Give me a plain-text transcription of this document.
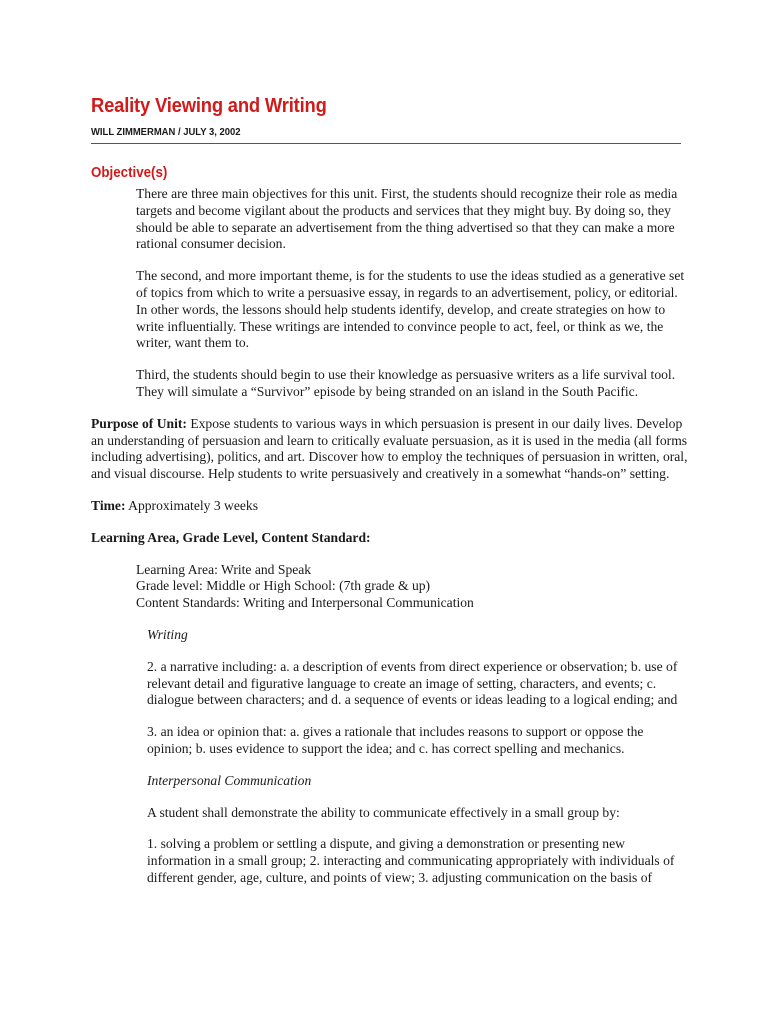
Reality Viewing and Writing
WILL ZIMMERMAN / JULY 3, 2002
Objective(s)

There are three main objectives for this unit. First, the students should recognize their role as media targets and become vigilant about the products and services that they might buy. By doing so, they should be able to separate an advertisement from the thing advertised so that they can make a more rational consumer decision.

The second, and more important theme, is for the students to use the ideas studied as a generative set of topics from which to write a persuasive essay, in regards to an advertisement, policy, or editorial. In other words, the lessons should help students identify, develop, and create strategies on how to write influentially. These writings are intended to convince people to act, feel, or think as we, the writer, want them to.

Third, the students should begin to use their knowledge as persuasive writers as a life survival tool. They will simulate a “Survivor” episode by being stranded on an island in the South Pacific.

Purpose of Unit: Expose students to various ways in which persuasion is present in our daily lives. Develop an understanding of persuasion and learn to critically evaluate persuasion, as it is used in the media (all forms including advertising), politics, and art. Discover how to employ the techniques of persuasion in written, oral, and visual discourse. Help students to write persuasively and creatively in a somewhat “hands-on” setting.

Time: Approximately 3 weeks

Learning Area, Grade Level, Content Standard:

Learning Area: Write and Speak
Grade level: Middle or High School: (7th grade & up)
Content Standards: Writing and Interpersonal Communication

Writing

2. a narrative including: a. a description of events from direct experience or observation; b. use of relevant detail and figurative language to create an image of setting, characters, and events; c. dialogue between characters; and d. a sequence of events or ideas leading to a logical ending; and

3. an idea or opinion that: a. gives a rationale that includes reasons to support or oppose the opinion; b. uses evidence to support the idea; and c. has correct spelling and mechanics.

Interpersonal Communication

A student shall demonstrate the ability to communicate effectively in a small group by:

1. solving a problem or settling a dispute, and giving a demonstration or presenting new information in a small group; 2. interacting and communicating appropriately with individuals of different gender, age, culture, and points of view; 3. adjusting communication on the basis of
